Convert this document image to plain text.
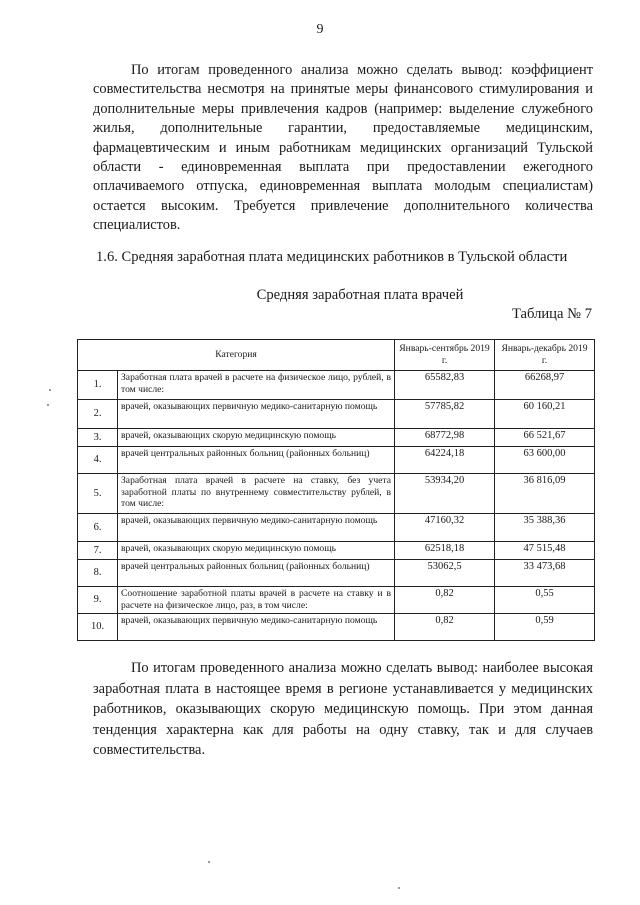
9

По итогам проведенного анализа можно сделать вывод: коэффициент совместительства несмотря на принятые меры финансового стимулирования и дополнительные меры привлечения кадров (например: выделение служебного жилья, дополнительные гарантии, предоставляемые медицинским, фармацевтическим и иным работникам медицинских организаций Тульской области - единовременная выплата при предоставлении ежегодного оплачиваемого отпуска, единовременная выплата молодым специалистам) остается высоким. Требуется привлечение дополнительного количества специалистов.

1.6. Средняя заработная плата медицинских работников в Тульской области
Средняя заработная плата врачей
Таблица № 7
Категория		Январь-сентябрь 2019 г.	Январь-декабрь 2019 г.
1.	Заработная плата врачей в расчете на физическое лицо, рублей, в том числе:	65582,83	66268,97
2.	врачей, оказывающих первичную медико-санитарную помощь	57785,82	60 160,21
3.	врачей, оказывающих скорую медицинскую помощь	68772,98	66 521,67
4.	врачей центральных районных больниц (районных больниц)	64224,18	63 600,00
5.	Заработная плата врачей в расчете на ставку, без учета заработной платы по внутреннему совместительству рублей, в том числе:	53934,20	36 816,09
6.	врачей, оказывающих первичную медико-санитарную помощь	47160,32	35 388,36
7.	врачей, оказывающих скорую медицинскую помощь	62518,18	47 515,48
8.	врачей центральных районных больниц (районных больниц)	53062,5	33 473,68
9.	Соотношение заработной платы врачей в расчете на ставку и в расчете на физическое лицо, раз, в том числе:	0,82	0,55
10.	врачей, оказывающих первичную медико-санитарную помощь	0,82	0,59

По итогам проведенного анализа можно сделать вывод: наиболее высокая заработная плата в настоящее время в регионе устанавливается у медицинских работников, оказывающих скорую медицинскую помощь. При этом данная тенденция характерна как для работы на одну ставку, так и для случаев совместительства.
